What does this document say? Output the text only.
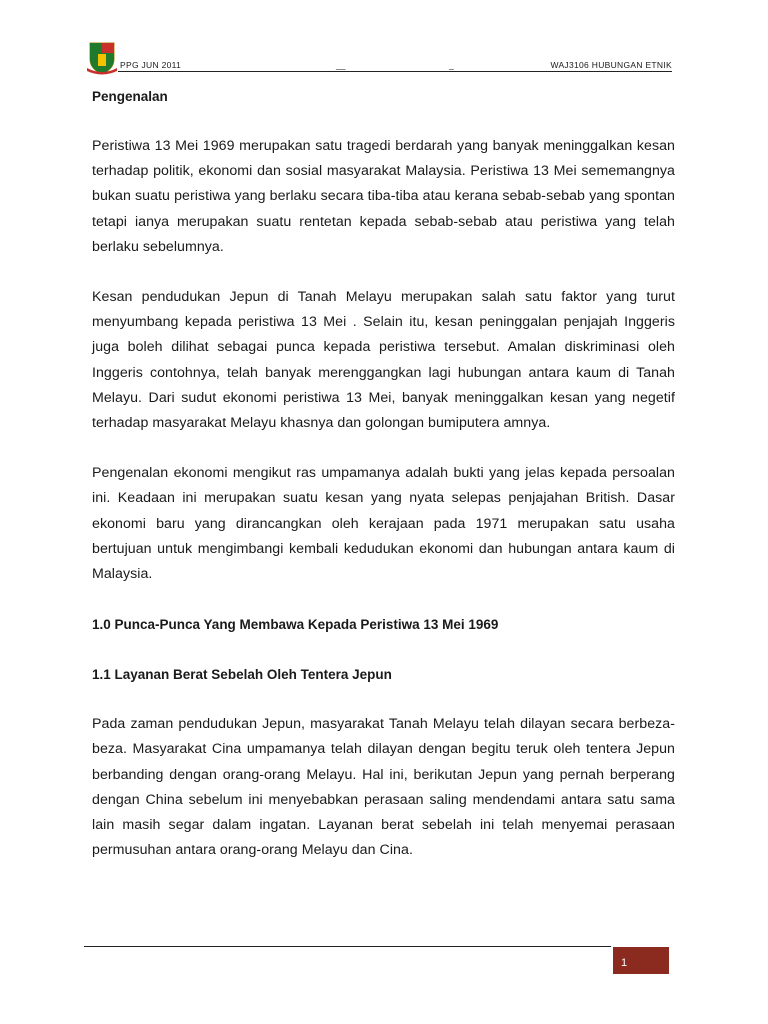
PPG JUN 2011	__	_	WAJ3106 HUBUNGAN ETNIK
Pengenalan

Peristiwa 13 Mei 1969 merupakan satu tragedi berdarah yang banyak meninggalkan kesan terhadap politik, ekonomi dan sosial masyarakat Malaysia. Peristiwa 13 Mei sememangnya bukan suatu peristiwa yang berlaku secara tiba-tiba atau kerana sebab-sebab yang spontan tetapi ianya merupakan suatu rentetan kepada sebab-sebab atau peristiwa yang telah berlaku sebelumnya.

Kesan pendudukan Jepun di Tanah Melayu merupakan salah satu faktor yang turut menyumbang kepada peristiwa 13 Mei . Selain itu, kesan peninggalan penjajah Inggeris juga boleh dilihat sebagai punca kepada peristiwa tersebut. Amalan diskriminasi oleh Inggeris contohnya, telah banyak merenggangkan lagi hubungan antara kaum di Tanah Melayu. Dari sudut ekonomi peristiwa 13 Mei, banyak meninggalkan kesan yang negetif terhadap masyarakat Melayu khasnya dan golongan bumiputera amnya.

Pengenalan ekonomi mengikut ras umpamanya adalah bukti yang jelas kepada persoalan ini. Keadaan ini merupakan suatu kesan yang nyata selepas penjajahan British. Dasar ekonomi baru yang dirancangkan oleh kerajaan pada 1971 merupakan satu usaha bertujuan untuk mengimbangi kembali kedudukan ekonomi dan hubungan antara kaum di Malaysia.

1.0 Punca-Punca Yang Membawa Kepada Peristiwa 13 Mei 1969
1.1 Layanan Berat Sebelah Oleh Tentera Jepun

Pada zaman pendudukan Jepun, masyarakat Tanah Melayu telah dilayan secara berbeza-beza. Masyarakat Cina umpamanya telah dilayan dengan begitu teruk oleh tentera Jepun berbanding dengan orang-orang Melayu. Hal ini, berikutan Jepun yang pernah berperang dengan China sebelum ini menyebabkan perasaan saling mendendami antara satu sama lain masih segar dalam ingatan. Layanan berat sebelah ini telah menyemai perasaan permusuhan antara orang-orang Melayu dan Cina.

1
